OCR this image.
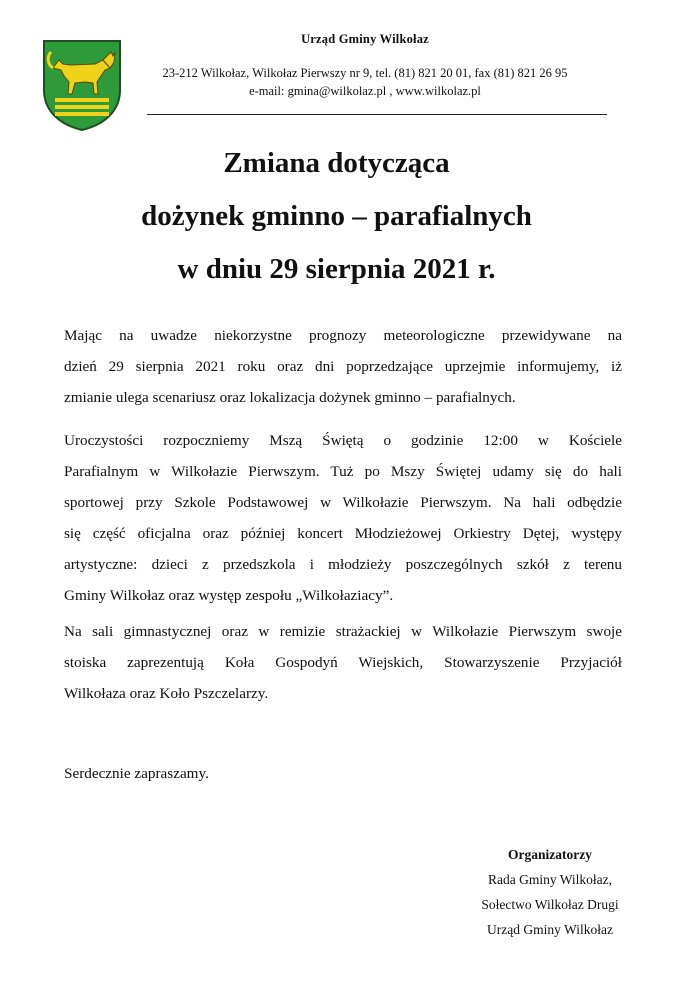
Urząd Gminy Wilkołaz
23-212 Wilkołaz, Wilkołaz Pierwszy nr 9, tel. (81) 821 20 01, fax (81) 821 26 95
e-mail: gmina@wilkolaz.pl , www.wilkolaz.pl
Zmiana dotycząca
dożynek gminno – parafialnych
w dniu 29 sierpnia 2021 r.
Mając na uwadze niekorzystne prognozy meteorologiczne przewidywane na
dzień 29 sierpnia 2021 roku oraz dni poprzedzające uprzejmie informujemy, iż
zmianie ulega scenariusz oraz lokalizacja dożynek gminno – parafialnych.
Uroczystości rozpoczniemy Mszą Świętą o godzinie 12:00 w Kościele
Parafialnym w Wilkołazie Pierwszym. Tuż po Mszy Świętej udamy się do hali
sportowej przy Szkole Podstawowej w Wilkołazie Pierwszym. Na hali odbędzie
się część oficjalna oraz później koncert Młodzieżowej Orkiestry Dętej, występy
artystyczne: dzieci z przedszkola i młodzieży poszczególnych szkół z terenu
Gminy Wilkołaz oraz występ zespołu „Wilkołaziacy”.
Na sali gimnastycznej oraz w remizie strażackiej w Wilkołazie Pierwszym swoje
stoiska zaprezentują Koła Gospodyń Wiejskich, Stowarzyszenie Przyjaciół
Wilkołaza oraz Koło Pszczelarzy.
Serdecznie zapraszamy.
Organizatorzy
Rada Gminy Wilkołaz,
Sołectwo Wilkołaz Drugi
Urząd Gminy Wilkołaz
